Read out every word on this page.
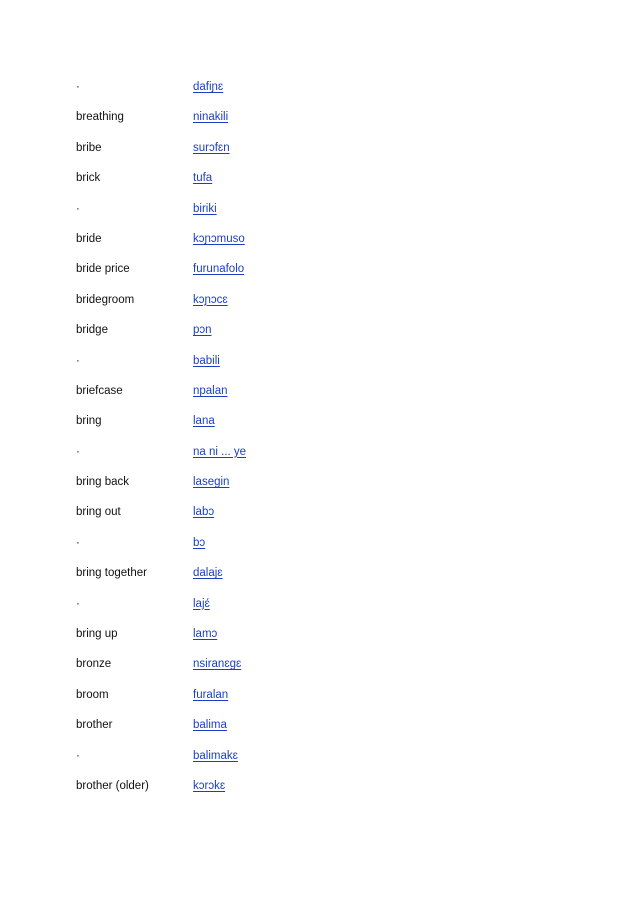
·	dafiɲɛ
breathing	ninakili
bribe	surɔfɛn
brick	tufa
·	biriki
bride	kɔɲɔmuso
bride price	furunafolo
bridegroom	kɔɲɔcɛ
bridge	pɔn
·	babili
briefcase	npalan
bring	lana
·	na ni ... ye
bring back	lasegin
bring out	labɔ
·	bɔ
bring together	dalajɛ
·	lajɛ́
bring up	lamɔ
bronze	nsiranɛgɛ
broom	furalan
brother	balima
·	balimakɛ
brother (older)	kɔrɔkɛ
